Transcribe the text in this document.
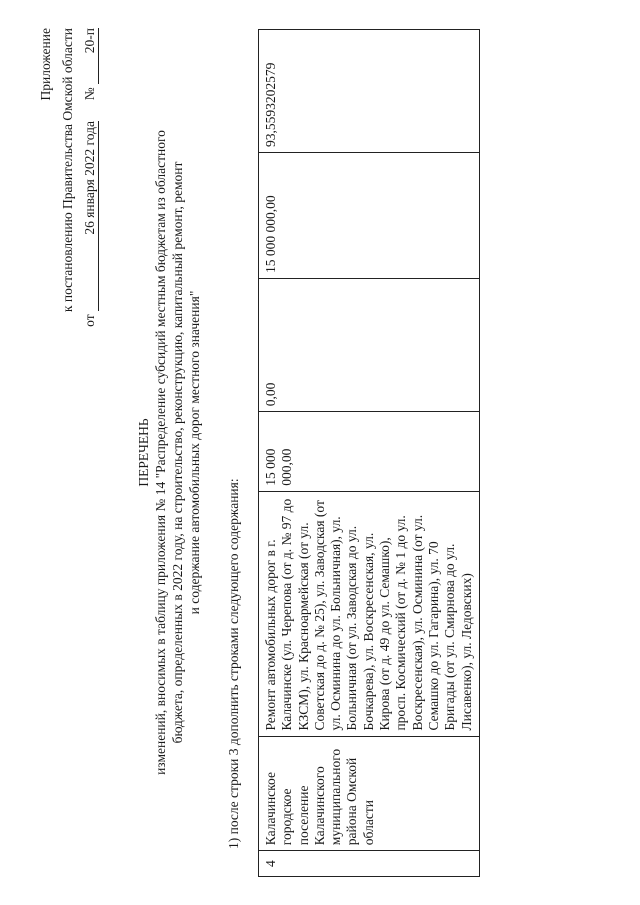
Приложение к постановлению Правительства Омской области
от 26 января 2022 года  № 20-п
ПЕРЕЧЕНЬ изменений, вносимых в таблицу приложения № 14 "Распределение субсидий местным бюджетам из областного бюджета, определенных в 2022 году, на строительство, реконструкцию, капитальный ремонт, ремонт и содержание автомобильных дорог местного значения"
1) после строки 3 дополнить строками следующего содержания:
4	Калачинское городское поселение Калачинского муниципального района Омской области	Ремонт автомобильных дорог в г. Калачинске (ул. Черепова (от д. № 97 до КЗСМ), ул. Красноармейская (от ул. Советская до д. № 25), ул. Заводская (от ул. Осминина до ул. Больничная), ул. Больничная (от ул. Заводская до ул. Бочкарева), ул. Воскресенская, ул. Кирова (от д. 49 до ул. Семашко), просп. Космический (от д. № 1 до ул. Воскресенская), ул. Осминина (от ул. Семашко до ул. Гагарина), ул. 70 Бригады (от ул. Смирнова до ул. Лисавенко), ул. Ледовских)	15 000 000,00	0,00	15 000 000,00	93,5593202579
